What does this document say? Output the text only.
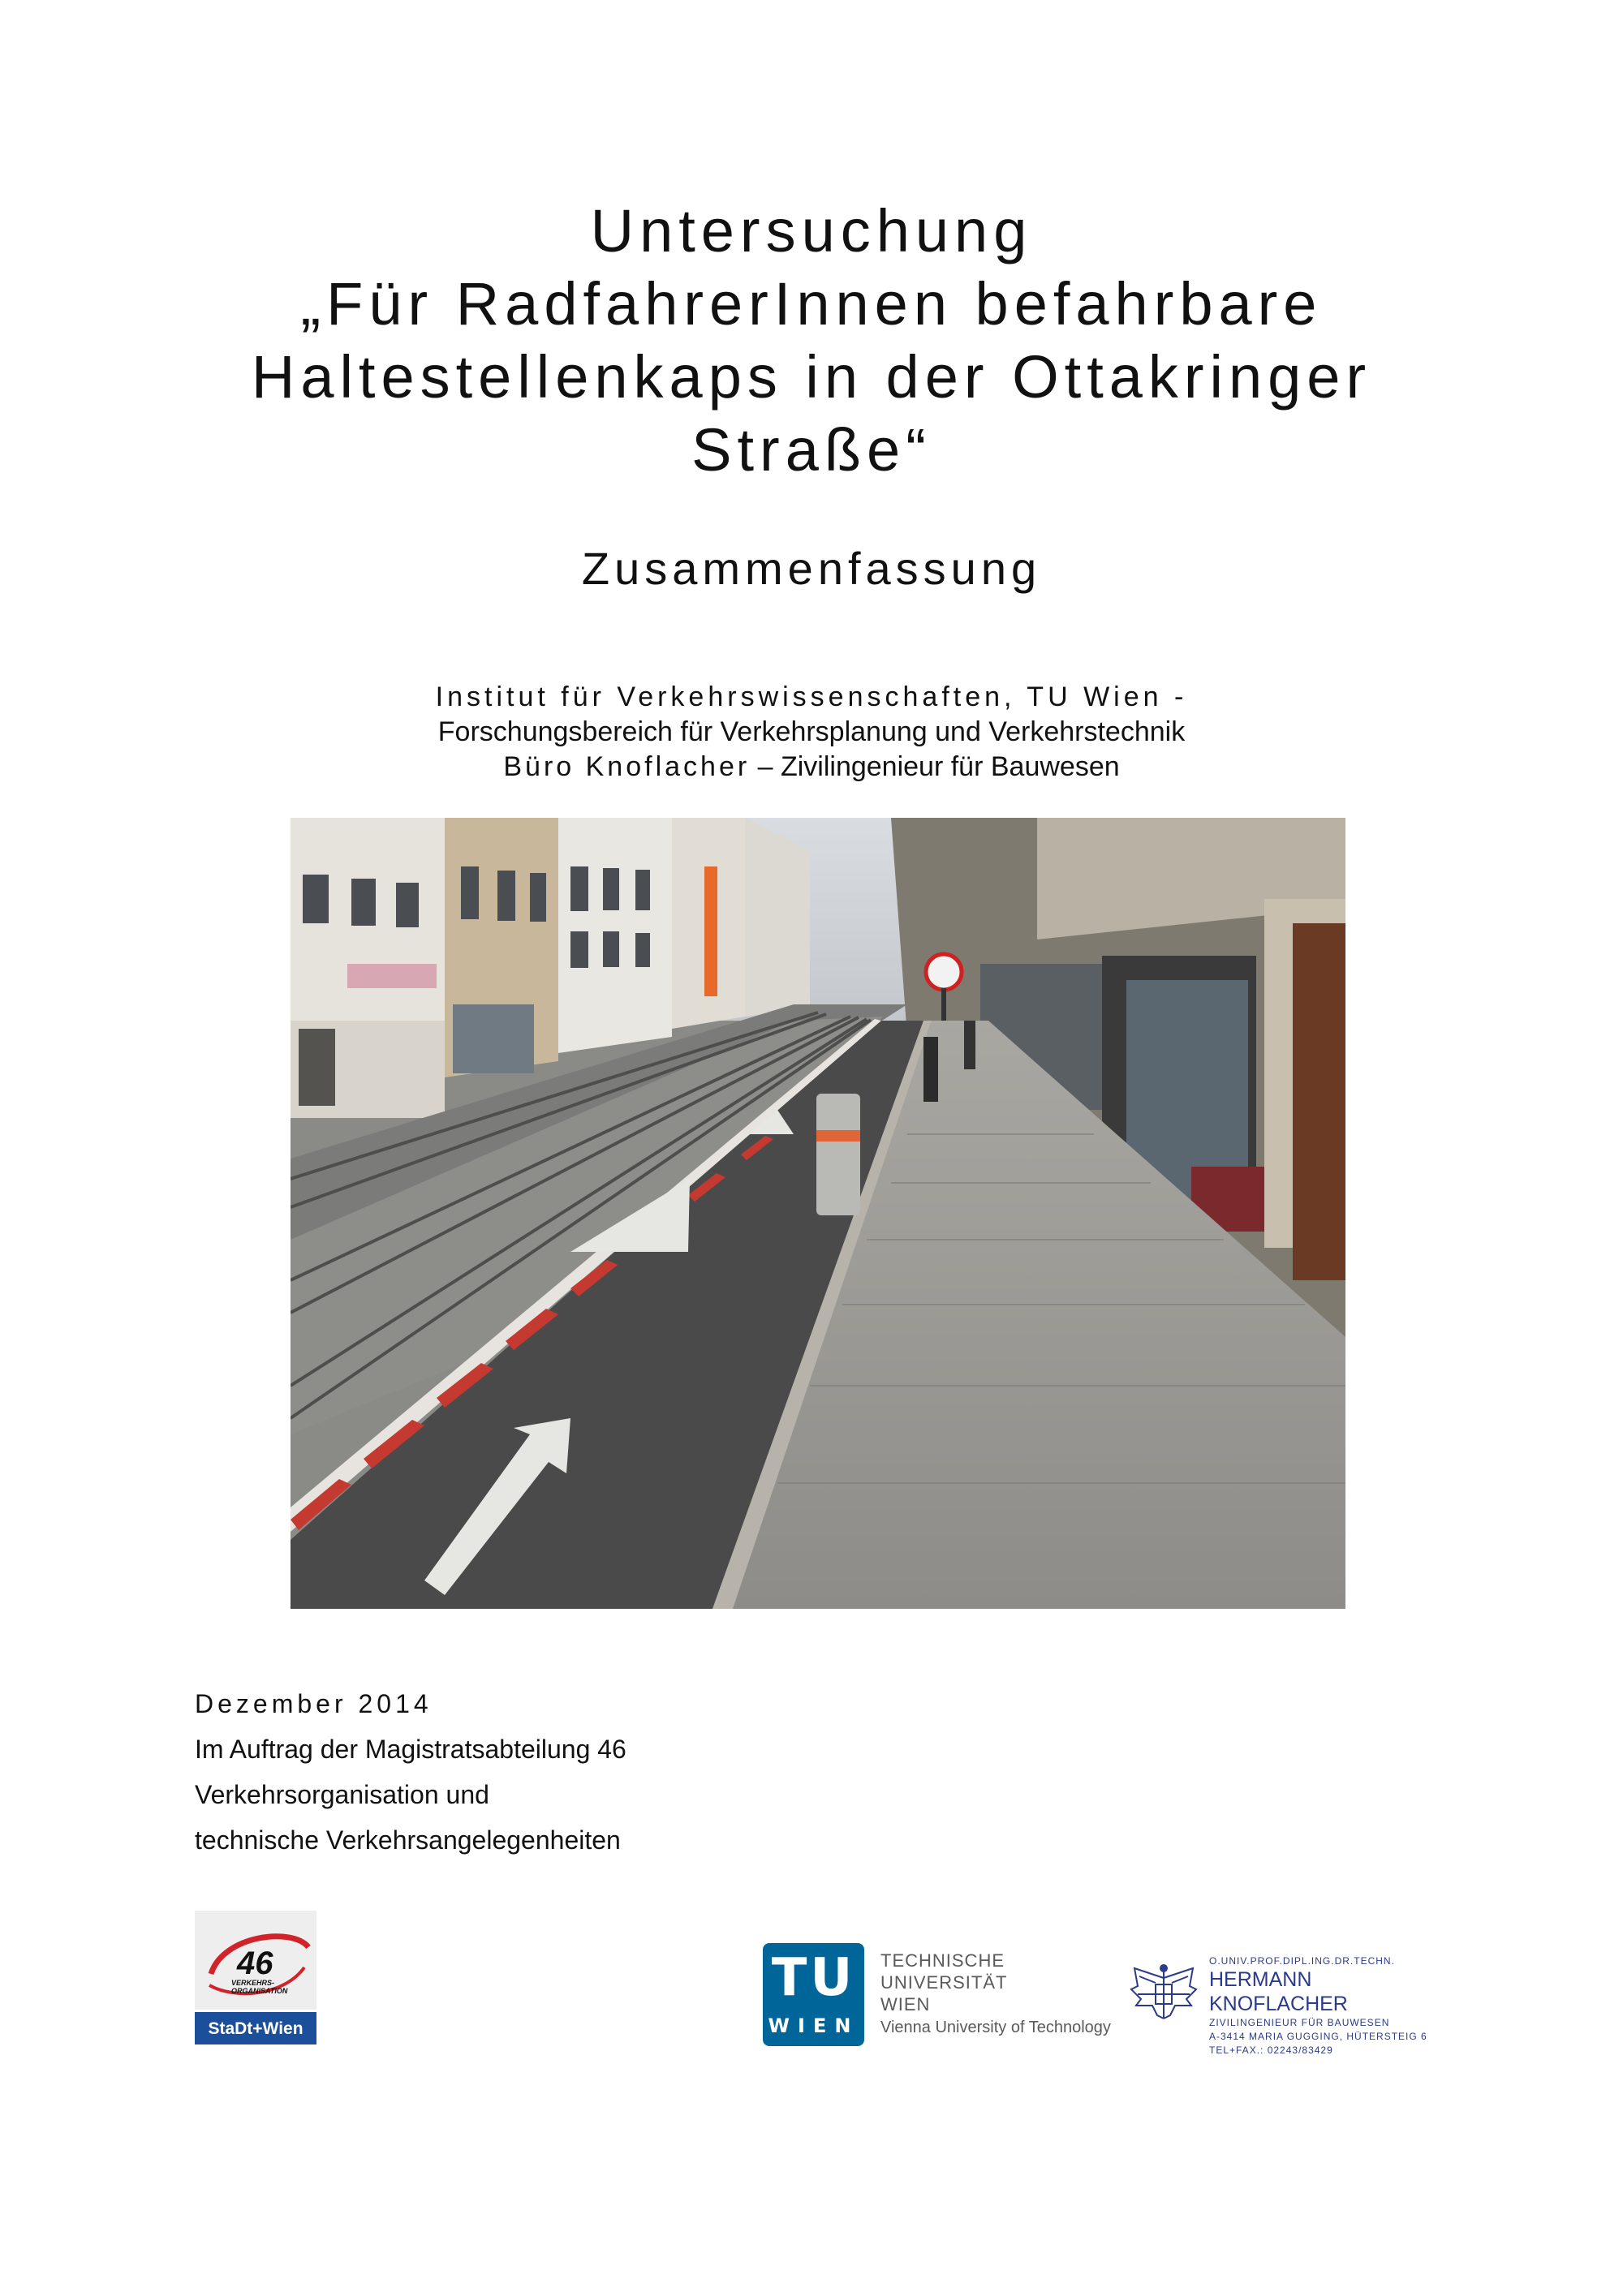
Untersuchung
„Für RadfahrerInnen befahrbare
Haltestellenkaps in der Ottakringer
Straße“
Zusammenfassung
Institut für Verkehrswissenschaften, TU Wien -
Forschungsbereich für Verkehrsplanung und Verkehrstechnik
Büro Knoflacher – Zivilingenieur für Bauwesen
Dezember 2014
Im Auftrag der Magistratsabteilung 46
Verkehrsorganisation und
technische Verkehrsangelegenheiten
46
VERKEHRS-
ORGANISATION
StaDt+Wien
TU
WIEN
TECHNISCHE
UNIVERSITÄT
WIEN
Vienna University of Technology
O.UNIV.PROF.DIPL.ING.DR.TECHN.
HERMANN KNOFLACHER
ZIVILINGENIEUR FÜR BAUWESEN
A-3414 MARIA GUGGING, HÜTERSTEIG 6
TEL+FAX.: 02243/83429
